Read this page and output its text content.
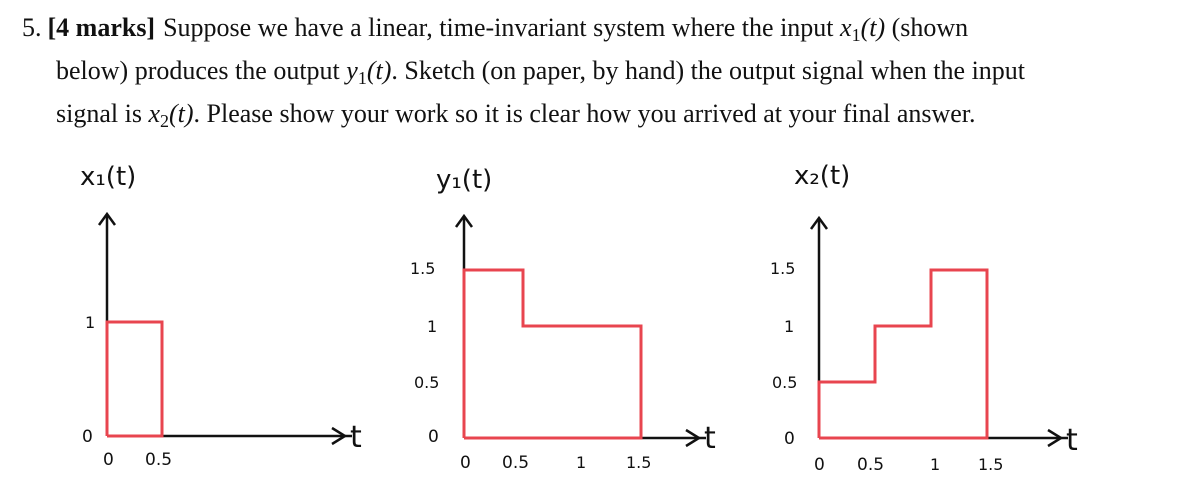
5. [4 marks] Suppose we have a linear, time-invariant system where the input $x_1(t)$ (shown
below) produces the output $y_1(t)$. Sketch (on paper, by hand) the output signal when the input
signal is $x_2(t)$. Please show your work so it is clear how you arrived at your final answer.
x₁(t)
t
1
0
0 0.5
y₁(t)
t
1.5
1
0.5
0
0 0.5	1 1.5
x₂(t)
t
1.5
1
0.5
0
0 0.5	1 1.5
